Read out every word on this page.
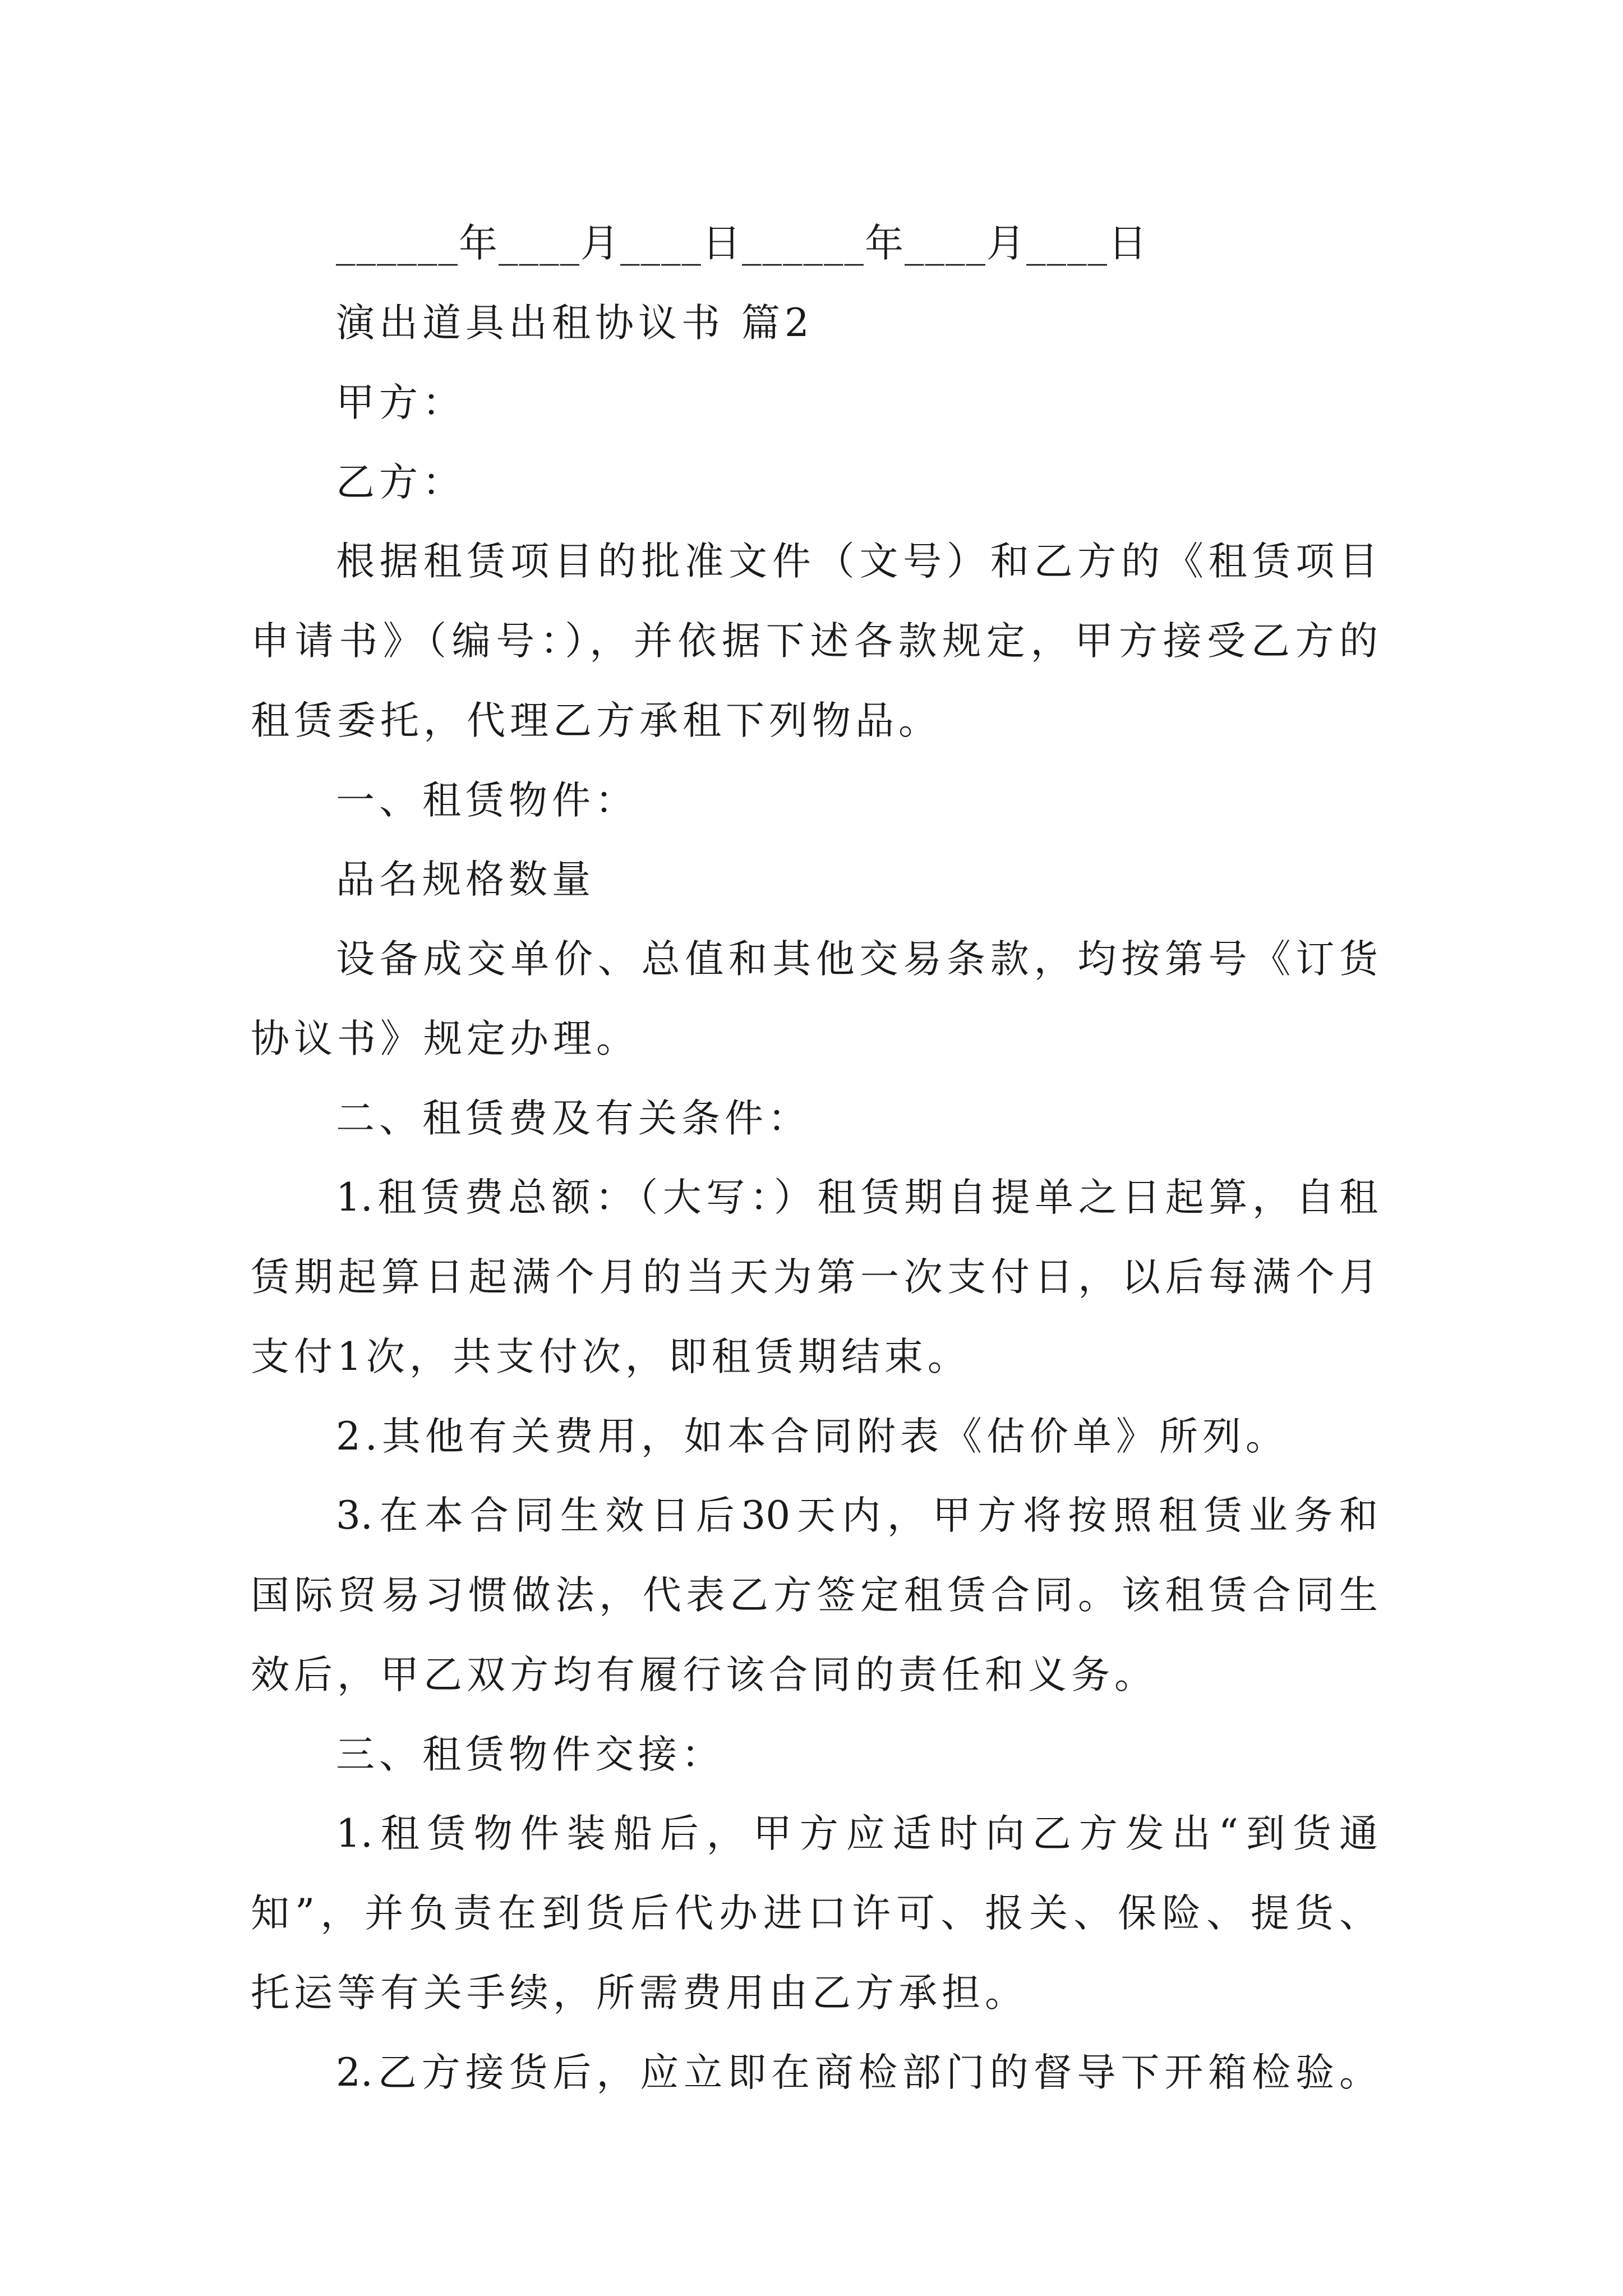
______年____月____日______年____月____日
演出道具出租协议书 篇2
甲方：
乙方：
根据租赁项目的批准文件（文号）和乙方的《租赁项目
申请书》（编号：），并依据下述各款规定，甲方接受乙方的
租赁委托，代理乙方承租下列物品。
一、租赁物件：
品名规格数量
设备成交单价、总值和其他交易条款，均按第号《订货
协议书》规定办理。
二、租赁费及有关条件：
1.租赁费总额：（大写：）租赁期自提单之日起算，自租
赁期起算日起满个月的当天为第一次支付日，以后每满个月
支付1次，共支付次，即租赁期结束。
2.其他有关费用，如本合同附表《估价单》所列。
3.在本合同生效日后30天内，甲方将按照租赁业务和
国际贸易习惯做法，代表乙方签定租赁合同。该租赁合同生
效后，甲乙双方均有履行该合同的责任和义务。
三、租赁物件交接：
1.租赁物件装船后，甲方应适时向乙方发出“到货通
知”，并负责在到货后代办进口许可、报关、保险、提货、
托运等有关手续，所需费用由乙方承担。
2.乙方接货后，应立即在商检部门的督导下开箱检验。
